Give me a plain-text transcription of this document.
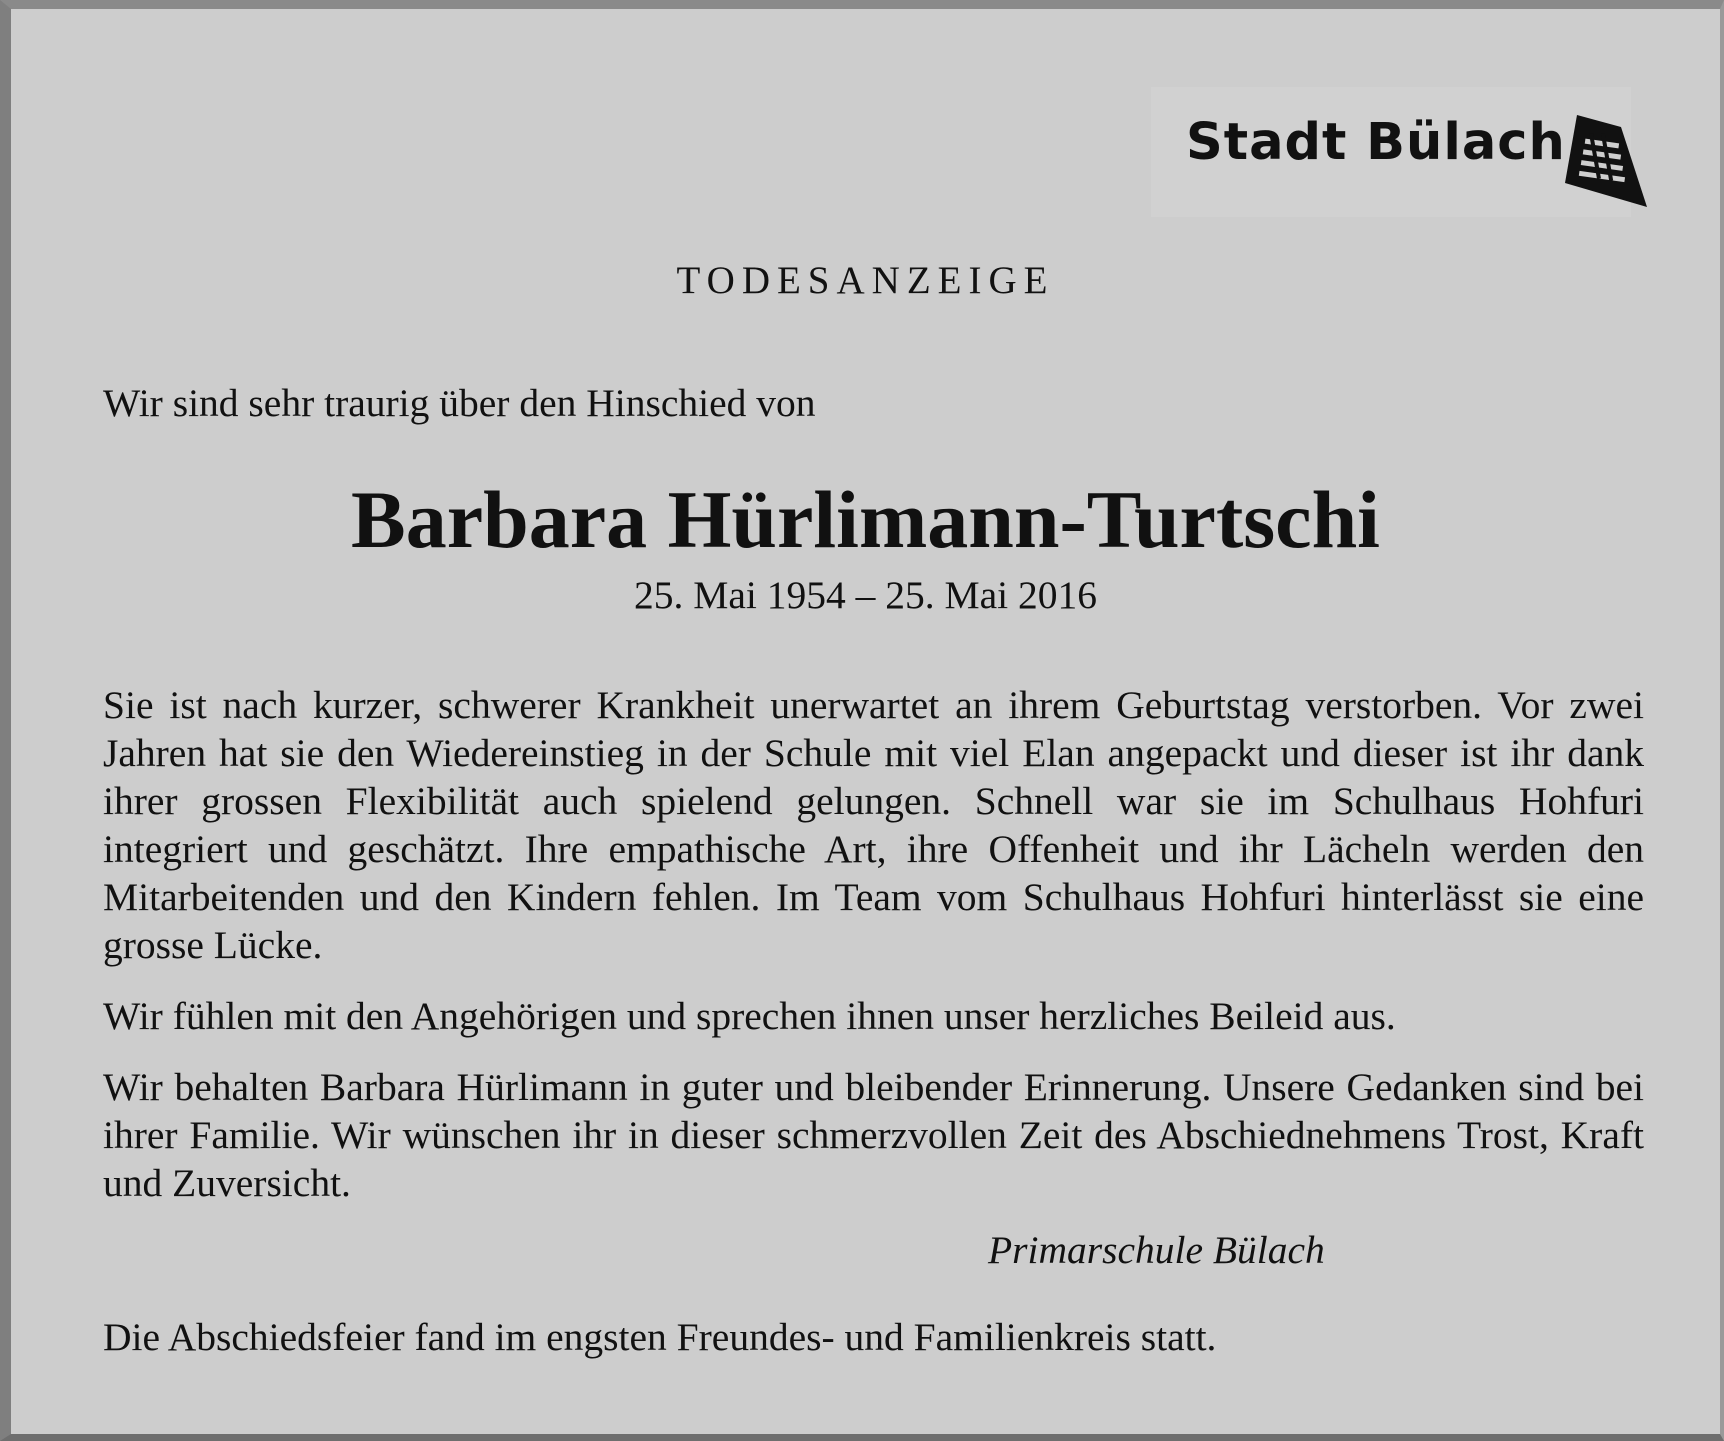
Stadt Bülach
TODESANZEIGE

Wir sind sehr traurig über den Hinschied von

Barbara Hürlimann-Turtschi
25. Mai 1954 – 25. Mai 2016

Sie ist nach kurzer, schwerer Krankheit unerwartet an ihrem Geburtstag verstorben. Vor zwei Jahren hat sie den Wiedereinstieg in der Schule mit viel Elan angepackt und dieser ist ihr dank ihrer grossen Flexibilität auch spielend gelungen. Schnell war sie im Schulhaus Hohfuri integriert und geschätzt. Ihre empathische Art, ihre Offenheit und ihr Lächeln werden den Mitarbeitenden und den Kindern fehlen. Im Team vom Schulhaus Hohfuri hinterlässt sie eine grosse Lücke.

Wir fühlen mit den Angehörigen und sprechen ihnen unser herzliches Beileid aus.

Wir behalten Barbara Hürlimann in guter und bleibender Erinnerung. Unsere Gedanken sind bei ihrer Familie. Wir wünschen ihr in dieser schmerzvollen Zeit des Abschiednehmens Trost, Kraft und Zuversicht.

Primarschule Bülach

Die Abschiedsfeier fand im engsten Freundes- und Familienkreis statt.
